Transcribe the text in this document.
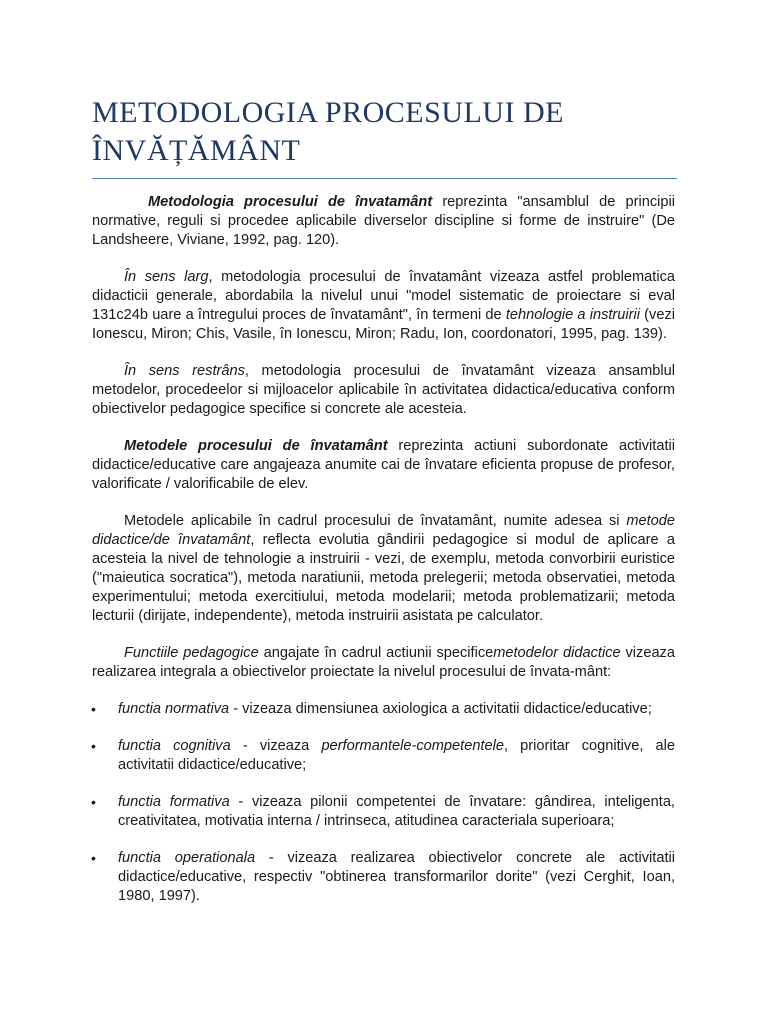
METODOLOGIA PROCESULUI DE
ÎNVĂȚĂMÂNT

Metodologia procesului de învatamânt reprezinta "ansamblul de principii normative, reguli si procedee aplicabile diverselor discipline si forme de instruire" (De Landsheere, Viviane, 1992, pag. 120).

În sens larg, metodologia procesului de învatamânt vizeaza astfel problematica didacticii generale, abordabila la nivelul unui "model sistematic de proiectare si eval 131c24b uare a întregului proces de învatamânt", în termeni de tehnologie a instruirii (vezi Ionescu, Miron; Chis, Vasile, în Ionescu, Miron; Radu, Ion, coordonatori, 1995, pag. 139).

În sens restrâns, metodologia procesului de învatamânt vizeaza ansamblul metodelor, procedeelor si mijloacelor aplicabile în activitatea didactica/educativa conform obiectivelor pedagogice specifice si concrete ale acesteia.

Metodele procesului de învatamânt reprezinta actiuni subordonate activitatii didactice/educative care angajeaza anumite cai de învatare eficienta propuse de profesor, valorificate / valorificabile de elev.

Metodele aplicabile în cadrul procesului de învatamânt, numite adesea si metode didactice/de învatamânt, reflecta evolutia gândirii pedagogice si modul de aplicare a acesteia la nivel de tehnologie a instruirii - vezi, de exemplu, metoda convorbirii euristice ("maieutica socratica"), metoda naratiunii, metoda prelegerii; metoda observatiei, metoda experimentului; metoda exercitiului, metoda modelarii; metoda problematizarii; metoda lecturii (dirijate, independente), metoda instruirii asistata pe calculator.

Functiile pedagogice angajate în cadrul actiunii specificemetodelor didactice vizeaza realizarea integrala a obiectivelor proiectate la nivelul procesului de învata-mânt:

• functia normativa - vizeaza dimensiunea axiologica a activitatii didactice/educative;
• functia cognitiva - vizeaza performantele-competentele, prioritar cognitive, ale activitatii didactice/educative;
• functia formativa - vizeaza pilonii competentei de învatare: gândirea, inteligenta, creativitatea, motivatia interna / intrinseca, atitudinea caracteriala superioara;
• functia operationala - vizeaza realizarea obiectivelor concrete ale activitatii didactice/educative, respectiv "obtinerea transformarilor dorite" (vezi Cerghit, Ioan, 1980, 1997).
